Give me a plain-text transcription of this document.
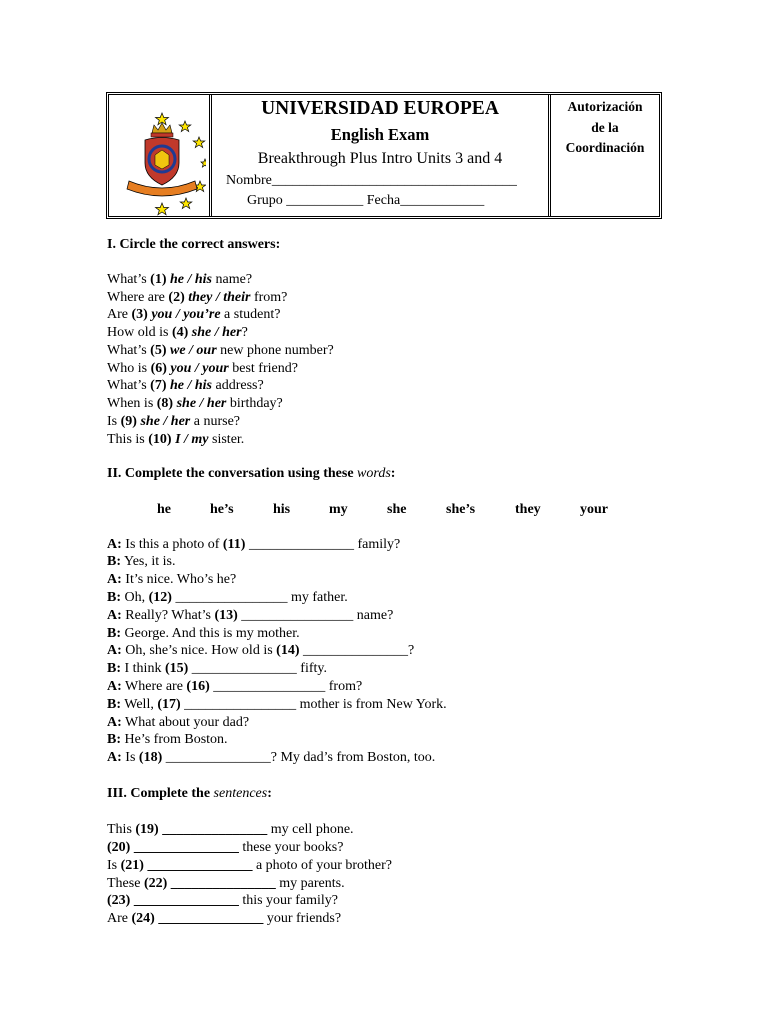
UNIVERSIDAD EUROPEA
English Exam
Breakthrough Plus Intro Units 3 and 4
Nombre___________________________________
Grupo ___________ Fecha____________
Autorización
de la
Coordinación
I. Circle the correct answers:
What’s (1) he / his name?
Where are (2) they / their from?
Are (3) you / you’re a student?
How old is (4) she / her?
What’s (5) we / our new phone number?
Who is (6) you / your best friend?
What’s (7) he / his address?
When is (8) she / her birthday?
Is (9) she / her a nurse?
This is (10) I / my sister.
II. Complete the conversation using these words:
he	he’s	his	my	she	she’s	they	your
A: Is this a photo of (11) _______________ family?
B: Yes, it is.
A: It’s nice. Who’s he?
B: Oh, (12) ________________ my father.
A: Really? What’s (13) ________________ name?
B: George. And this is my mother.
A: Oh, she’s nice. How old is (14) _______________?
B: I think (15) _______________ fifty.
A: Where are (16) ________________ from?
B: Well, (17) ________________ mother is from New York.
A: What about your dad?
B: He’s from Boston.
A: Is (18) _______________? My dad’s from Boston, too.
III. Complete the sentences:
This (19) _______________ my cell phone.
(20) _______________ these your books?
Is (21) _______________ a photo of your brother?
These (22) _______________ my parents.
(23) _______________ this your family?
Are (24) _______________ your friends?
